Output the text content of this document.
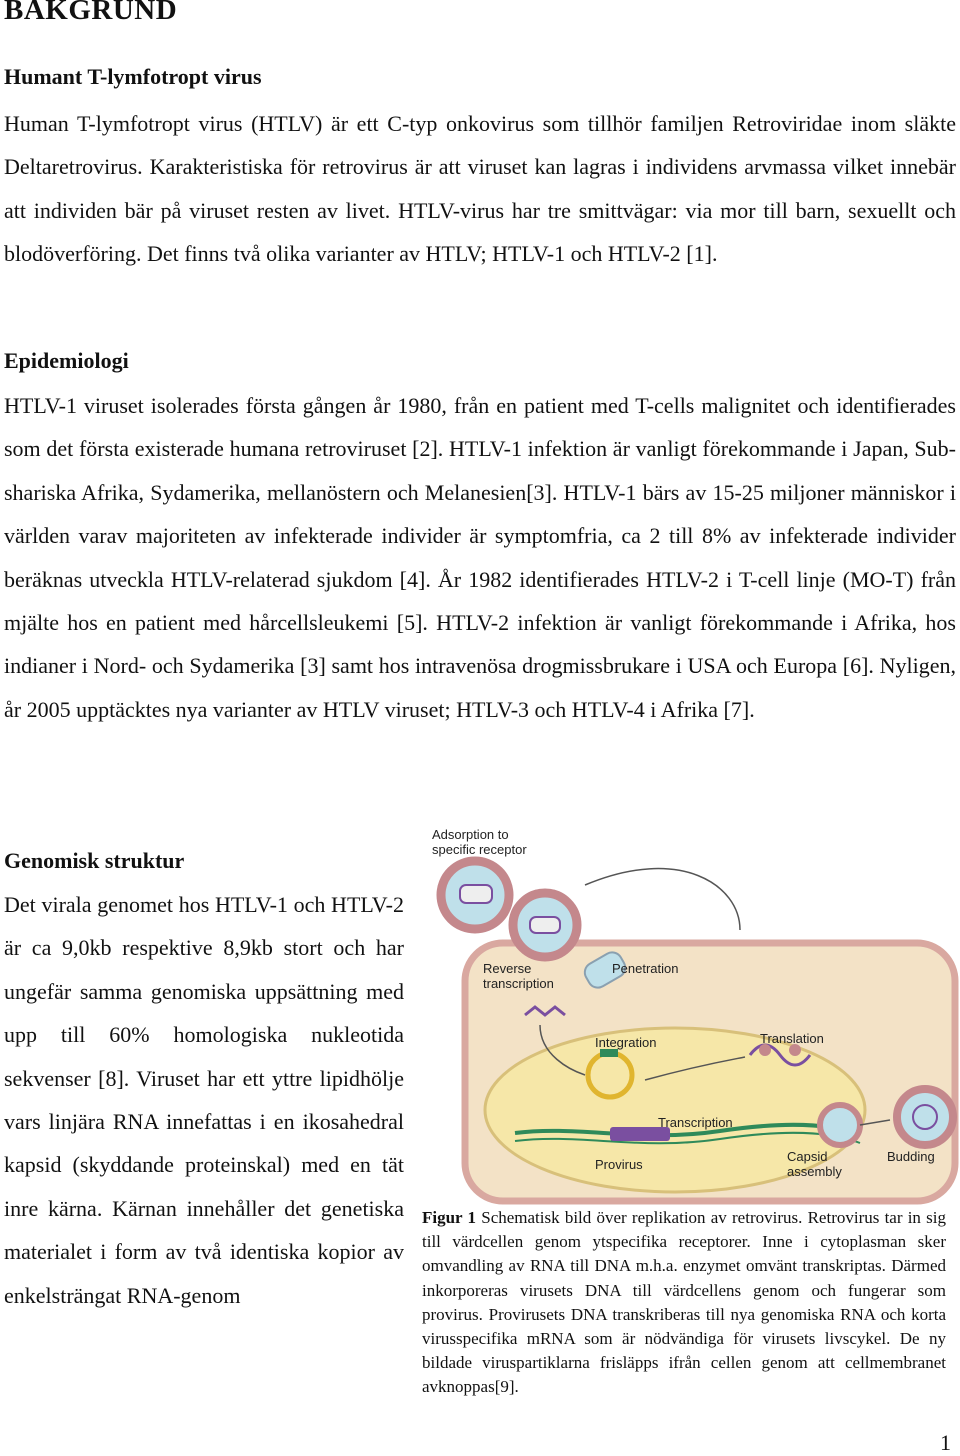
BAKGRUND
Humant T-lymfotropt virus

Human T-lymfotropt virus (HTLV) är ett C-typ onkovirus som tillhör familjen Retroviridae inom släkte Deltaretrovirus. Karakteristiska för retrovirus är att viruset kan lagras i individens arvmassa vilket innebär att individen bär på viruset resten av livet. HTLV-virus har tre smittvägar: via mor till barn, sexuellt och blodöverföring. Det finns två olika varianter av HTLV; HTLV-1 och HTLV-2 [1].

Epidemiologi

HTLV-1 viruset isolerades första gången år 1980, från en patient med T-cells malignitet och identifierades som det första existerade humana retroviruset [2]. HTLV-1 infektion är vanligt förekommande i Japan, Sub-shariska Afrika, Sydamerika, mellanöstern och Melanesien[3]. HTLV-1 bärs av 15-25 miljoner människor i världen varav majoriteten av infekterade individer är symptomfria, ca 2 till 8% av infekterade individer beräknas utveckla HTLV-relaterad sjukdom [4]. År 1982 identifierades HTLV-2 i T-cell linje (MO-T) från mjälte hos en patient med hårcellsleukemi [5]. HTLV-2 infektion är vanligt förekommande i Afrika, hos indianer i Nord- och Sydamerika [3] samt hos intravenösa drogmissbrukare i USA och Europa [6]. Nyligen, år 2005 upptäcktes nya varianter av HTLV viruset; HTLV-3 och HTLV-4 i Afrika [7].

Genomisk struktur

Det virala genomet hos HTLV-1 och HTLV-2 är ca 9,0kb respektive 8,9kb stort och har ungefär samma genomiska uppsättning med upp till 60% homologiska nukleotida sekvenser [8]. Viruset har ett yttre lipidhölje vars linjära RNA innefattas i en ikosahedral kapsid (skyddande proteinskal) med en tät inre kärna. Kärnan innehåller det genetiska materialet i form av två identiska kopior av enkelsträngat RNA-genom

Adsorption to specific receptor
Reverse transcription
Penetration
Integration	Translation
Transcription
Provirus
Capsid assembly
Budding

Figur 1 Schematisk bild över replikation av retrovirus. Retrovirus tar in sig till värdcellen genom ytspecifika receptorer. Inne i cytoplasman sker omvandling av RNA till DNA m.h.a. enzymet omvänt transkriptas. Därmed inkorporeras virusets DNA till värdcellens genom och fungerar som provirus. Provirusets DNA transkriberas till nya genomiska RNA och korta virusspecifika mRNA som är nödvändiga för virusets livscykel. De ny bildade viruspartiklarna frisläpps ifrån cellen genom att cellmembranet avknoppas[9].

1
